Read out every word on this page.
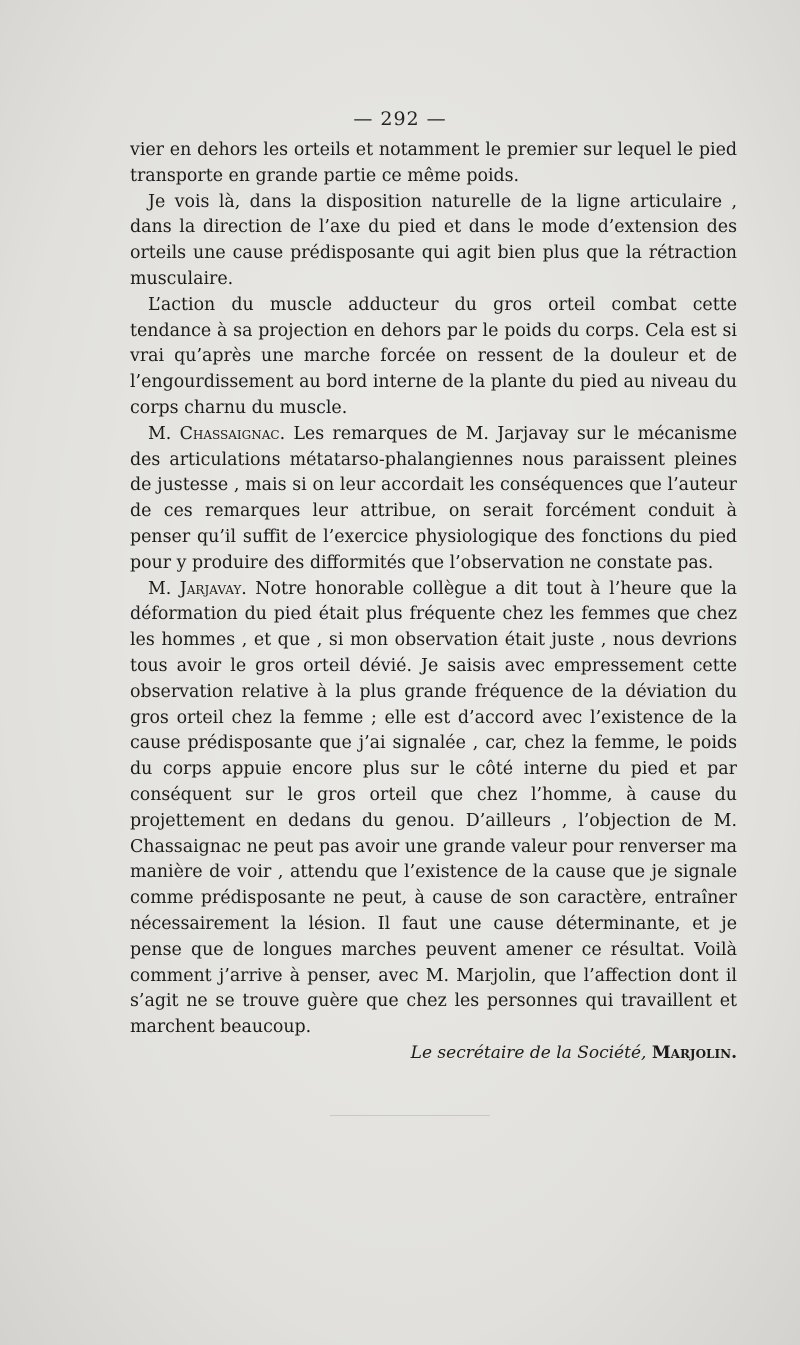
— 292 —

vier en dehors les orteils et notamment le premier sur lequel le pied transporte en grande partie ce même poids.

Je vois là, dans la disposition naturelle de la ligne articulaire , dans la direction de l’axe du pied et dans le mode d’extension des orteils une cause prédisposante qui agit bien plus que la rétraction musculaire.

L’action du muscle adducteur du gros orteil combat cette tendance à sa projection en dehors par le poids du corps. Cela est si vrai qu’après une marche forcée on ressent de la douleur et de l’engourdissement au bord interne de la plante du pied au niveau du corps charnu du muscle.

M. Chassaignac. Les remarques de M. Jarjavay sur le mécanisme des articulations métatarso-phalangiennes nous paraissent pleines de justesse , mais si on leur accordait les conséquences que l’auteur de ces remarques leur attribue, on serait forcément conduit à penser qu’il suffit de l’exercice physiologique des fonctions du pied pour y produire des difformités que l’observation ne constate pas.

M. Jarjavay. Notre honorable collègue a dit tout à l’heure que la déformation du pied était plus fréquente chez les femmes que chez les hommes , et que , si mon observation était juste , nous devrions tous avoir le gros orteil dévié. Je saisis avec empressement cette observation relative à la plus grande fréquence de la déviation du gros orteil chez la femme ; elle est d’accord avec l’existence de la cause prédisposante que j’ai signalée , car, chez la femme, le poids du corps appuie encore plus sur le côté interne du pied et par conséquent sur le gros orteil que chez l’homme, à cause du projettement en dedans du genou. D’ailleurs , l’objection de M. Chassaignac ne peut pas avoir une grande valeur pour renverser ma manière de voir , attendu que l’existence de la cause que je signale comme prédisposante ne peut, à cause de son caractère, entraîner nécessairement la lésion. Il faut une cause déterminante, et je pense que de longues marches peuvent amener ce résultat. Voilà comment j’arrive à penser, avec M. Marjolin, que l’affection dont il s’agit ne se trouve guère que chez les personnes qui travaillent et marchent beaucoup.

Le secrétaire de la Société, Marjolin.
